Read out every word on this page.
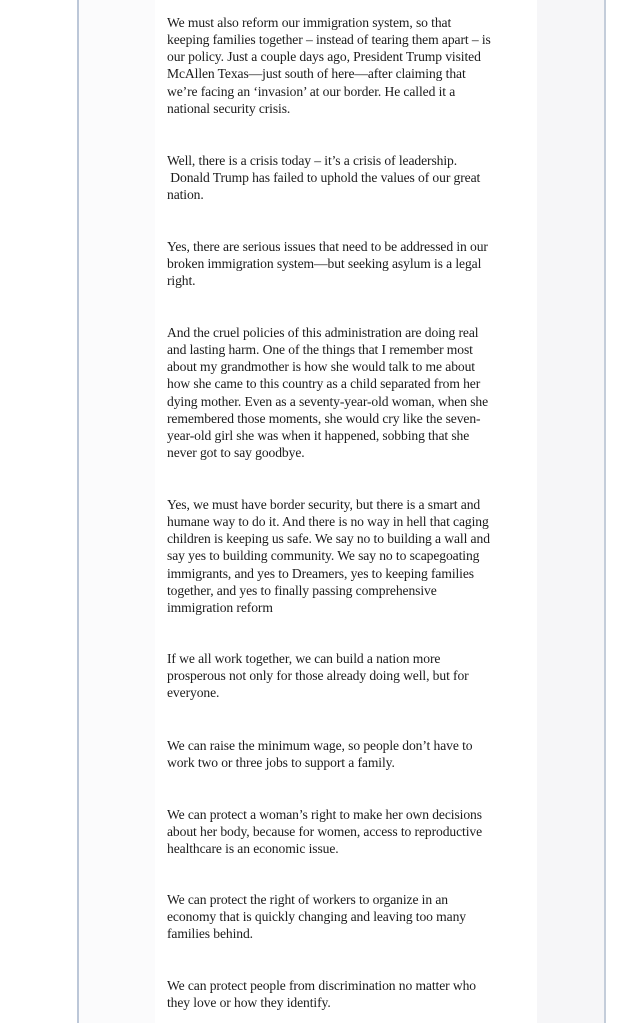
We must also reform our immigration system, so that
keeping families together – instead of tearing them apart – is
our policy. Just a couple days ago, President Trump visited
McAllen Texas—just south of here—after claiming that
we’re facing an ‘invasion’ at our border. He called it a
national security crisis.

Well, there is a crisis today – it’s a crisis of leadership.
Donald Trump has failed to uphold the values of our great
nation.

Yes, there are serious issues that need to be addressed in our
broken immigration system—but seeking asylum is a legal
right.

And the cruel policies of this administration are doing real
and lasting harm. One of the things that I remember most
about my grandmother is how she would talk to me about
how she came to this country as a child separated from her
dying mother. Even as a seventy-year-old woman, when she
remembered those moments, she would cry like the seven-
year-old girl she was when it happened, sobbing that she
never got to say goodbye.

Yes, we must have border security, but there is a smart and
humane way to do it. And there is no way in hell that caging
children is keeping us safe. We say no to building a wall and
say yes to building community. We say no to scapegoating
immigrants, and yes to Dreamers, yes to keeping families
together, and yes to finally passing comprehensive
immigration reform

If we all work together, we can build a nation more
prosperous not only for those already doing well, but for
everyone.

We can raise the minimum wage, so people don’t have to
work two or three jobs to support a family.

We can protect a woman’s right to make her own decisions
about her body, because for women, access to reproductive
healthcare is an economic issue.

We can protect the right of workers to organize in an
economy that is quickly changing and leaving too many
families behind.

We can protect people from discrimination no matter who
they love or how they identify.
